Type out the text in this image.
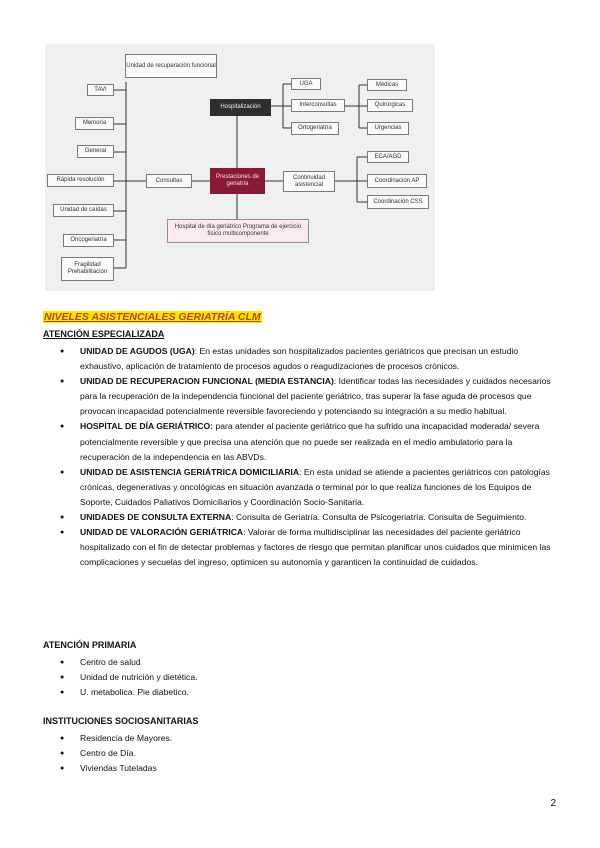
Unidad de recuperación funcional
TAVI
Memoria
General
Rápida resolución
Unidad de caídas
Oncogeriatría
Fragilidad Prehabilitación
Consultas
Hospitalización
Prestaciones de geriatría
Continuidad asistencial
Hospital de día geriátrico Programa de ejercicio físico multicomponente
UGA
Interconsultas
Ortogeriatría
Médicas
Quirúrgicas
Urgencias
ECA/AGD
Coordinación AP
Coordinación CSS
NIVELES ASISTENCIALES GERIATRÍA CLM
ATENCIÓN ESPECIALIZADA
● UNIDAD DE AGUDOS (UGA): En estas unidades son hospitalizados pacientes geriátricos que precisan un estudio exhaustivo, aplicación de tratamiento de procesos agudos o reagudizaciones de procesos crónicos.
● UNIDAD DE RECUPERACION FUNCIONAL (MEDIA ESTANCIA): Identificar todas las necesidades y cuidados necesarios para la recuperación de la independencia funcional del paciente geriátrico, tras superar la fase aguda de procesos que provocan incapacidad potencialmente reversible favoreciendo y potenciando su integración a su medio habitual.
● HOSPITAL DE DÍA GERIÁTRICO: para atender al paciente geriátrico que ha sufrido una incapacidad moderada/ severa potencialmente reversible y que precisa una atención que no puede ser realizada en el medio ambulatorio para la recuperación de la independencia en las ABVDs.
● UNIDAD DE ASISTENCIA GERIÁTRICA DOMICILIARIA: En esta unidad se atiende a pacientes geriátricos con patologías crónicas, degenerativas y oncológicas en situación avanzada o terminal por lo que realiza funciones de los Equipos de Soporte, Cuidados Paliativos Domiciliarios y Coordinación Socio-Sanitaria.
● UNIDADES DE CONSULTA EXTERNA: Consulta de Geriatría. Consulta de Psicogeriatría. Consulta de Seguimiento.
● UNIDAD DE VALORACIÓN GERIÁTRICA: Valorar de forma multidisciplinar las necesidades del paciente geriátrico hospitalizado con el fin de detectar problemas y factores de riesgo que permitan planificar unos cuidados que minimicen las complicaciones y secuelas del ingreso, optimicen su autonomía y garanticen la continuidad de cuidados.
ATENCIÓN PRIMARIA
● Centro de salud
● Unidad de nutrición y dietética.
● U. metabolica. Pie diabetico.
INSTITUCIONES SOCIOSANITARIAS
● Residencia de Mayores.
● Centro de Día.
● Viviendas Tuteladas
2
